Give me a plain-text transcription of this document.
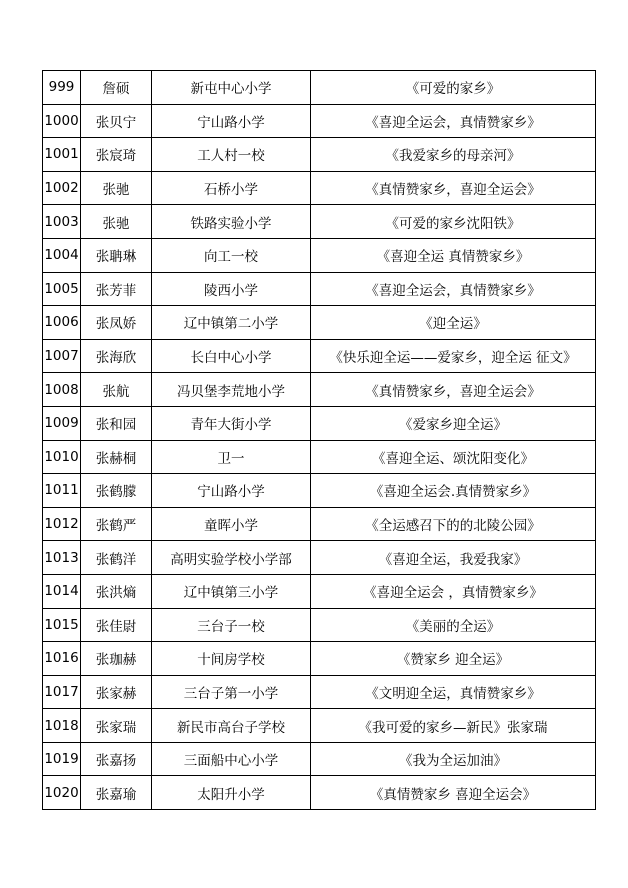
999	詹硕	新屯中心小学	《可爱的家乡》
1000	张贝宁	宁山路小学	《喜迎全运会，真情赞家乡》
1001	张宸琦	工人村一校	《我爱家乡的母亲河》
1002	张驰	石桥小学	《真情赞家乡，喜迎全运会》
1003	张驰	铁路实验小学	《可爱的家乡沈阳铁》
1004	张聃琳	向工一校	《喜迎全运 真情赞家乡》
1005	张芳菲	陵西小学	《喜迎全运会，真情赞家乡》
1006	张凤娇	辽中镇第二小学	《迎全运》
1007	张海欣	长白中心小学	《快乐迎全运——爱家乡，迎全运 征文》
1008	张航	冯贝堡李荒地小学	《真情赞家乡，喜迎全运会》
1009	张和园	青年大街小学	《爱家乡迎全运》
1010	张赫桐	卫一	《喜迎全运、颂沈阳变化》
1011	张鹤朦	宁山路小学	《喜迎全运会.真情赞家乡》
1012	张鹤严	童晖小学	《全运感召下的的北陵公园》
1013	张鹤洋	高明实验学校小学部	《喜迎全运，我爱我家》
1014	张洪熵	辽中镇第三小学	《喜迎全运会 ，真情赞家乡》
1015	张佳尉	三台子一校	《美丽的全运》
1016	张珈赫	十间房学校	《赞家乡 迎全运》
1017	张家赫	三台子第一小学	《文明迎全运，真情赞家乡》
1018	张家瑞	新民市高台子学校	《我可爱的家乡—新民》张家瑞
1019	张嘉扬	三面船中心小学	《我为全运加油》
1020	张嘉瑜	太阳升小学	《真情赞家乡 喜迎全运会》
